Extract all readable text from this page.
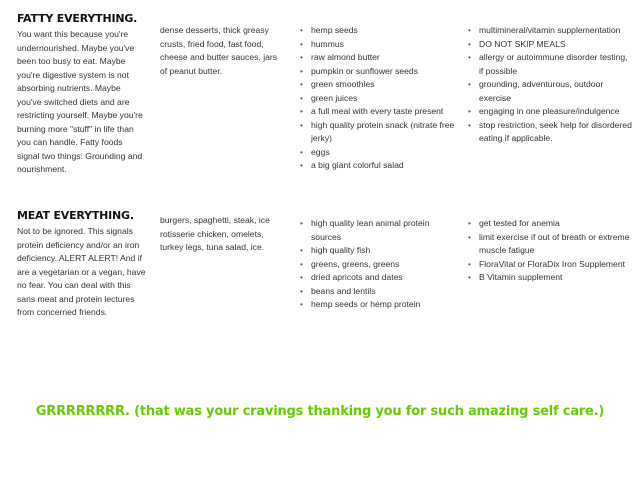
FATTY EVERYTHING.
You want this because you're undernourished. Maybe you've been too busy to eat. Maybe you're digestive system is not absorbing nutrients. Maybe you've switched diets and are restricting yourself. Maybe you're burning more "stuff" in life than you can handle. Fatty foods signal two things: Grounding and nourishment.
dense desserts, thick greasy crusts, fried food, fast food, cheese and butter sauces, jars of peanut butter.
• hemp seeds
• hummus
• raw almond butter
• pumpkin or sunflower seeds
• green smoothies
• green juices
• a full meal with every taste present
• high quality protein snack (nitrate free jerky)
• eggs
• a big giant colorful salad
• multimineral/vitamin supplementation
• DO NOT SKIP MEALS
• allergy or autoimmune disorder testing, if possible
• grounding, adventurous, outdoor exercise
• engaging in one pleasure/indulgence
• stop restriction, seek help for disordered eating if applicable.
MEAT EVERYTHING.
Not to be ignored. This signals protein deficiency and/or an iron deficiency. ALERT ALERT! And if are a vegetarian or a vegan, have no fear. You can deal with this sans meat and protein lectures from concerned friends.
burgers, spaghetti, steak, ice rotisserie chicken, omelets, turkey legs, tuna salad, ice.
• high quality lean animal protein sources
• high quality fish
• greens, greens, greens
• dried apricots and dates
• beans and lentils
• hemp seeds or hemp protein
• get tested for anemia
• limit exercise if out of breath or extreme muscle fatigue
• FloraVital or FloraDix Iron Supplement
• B Vitamin supplement
GRRRRRRRR. (that was your cravings thanking you for such amazing self care.)
